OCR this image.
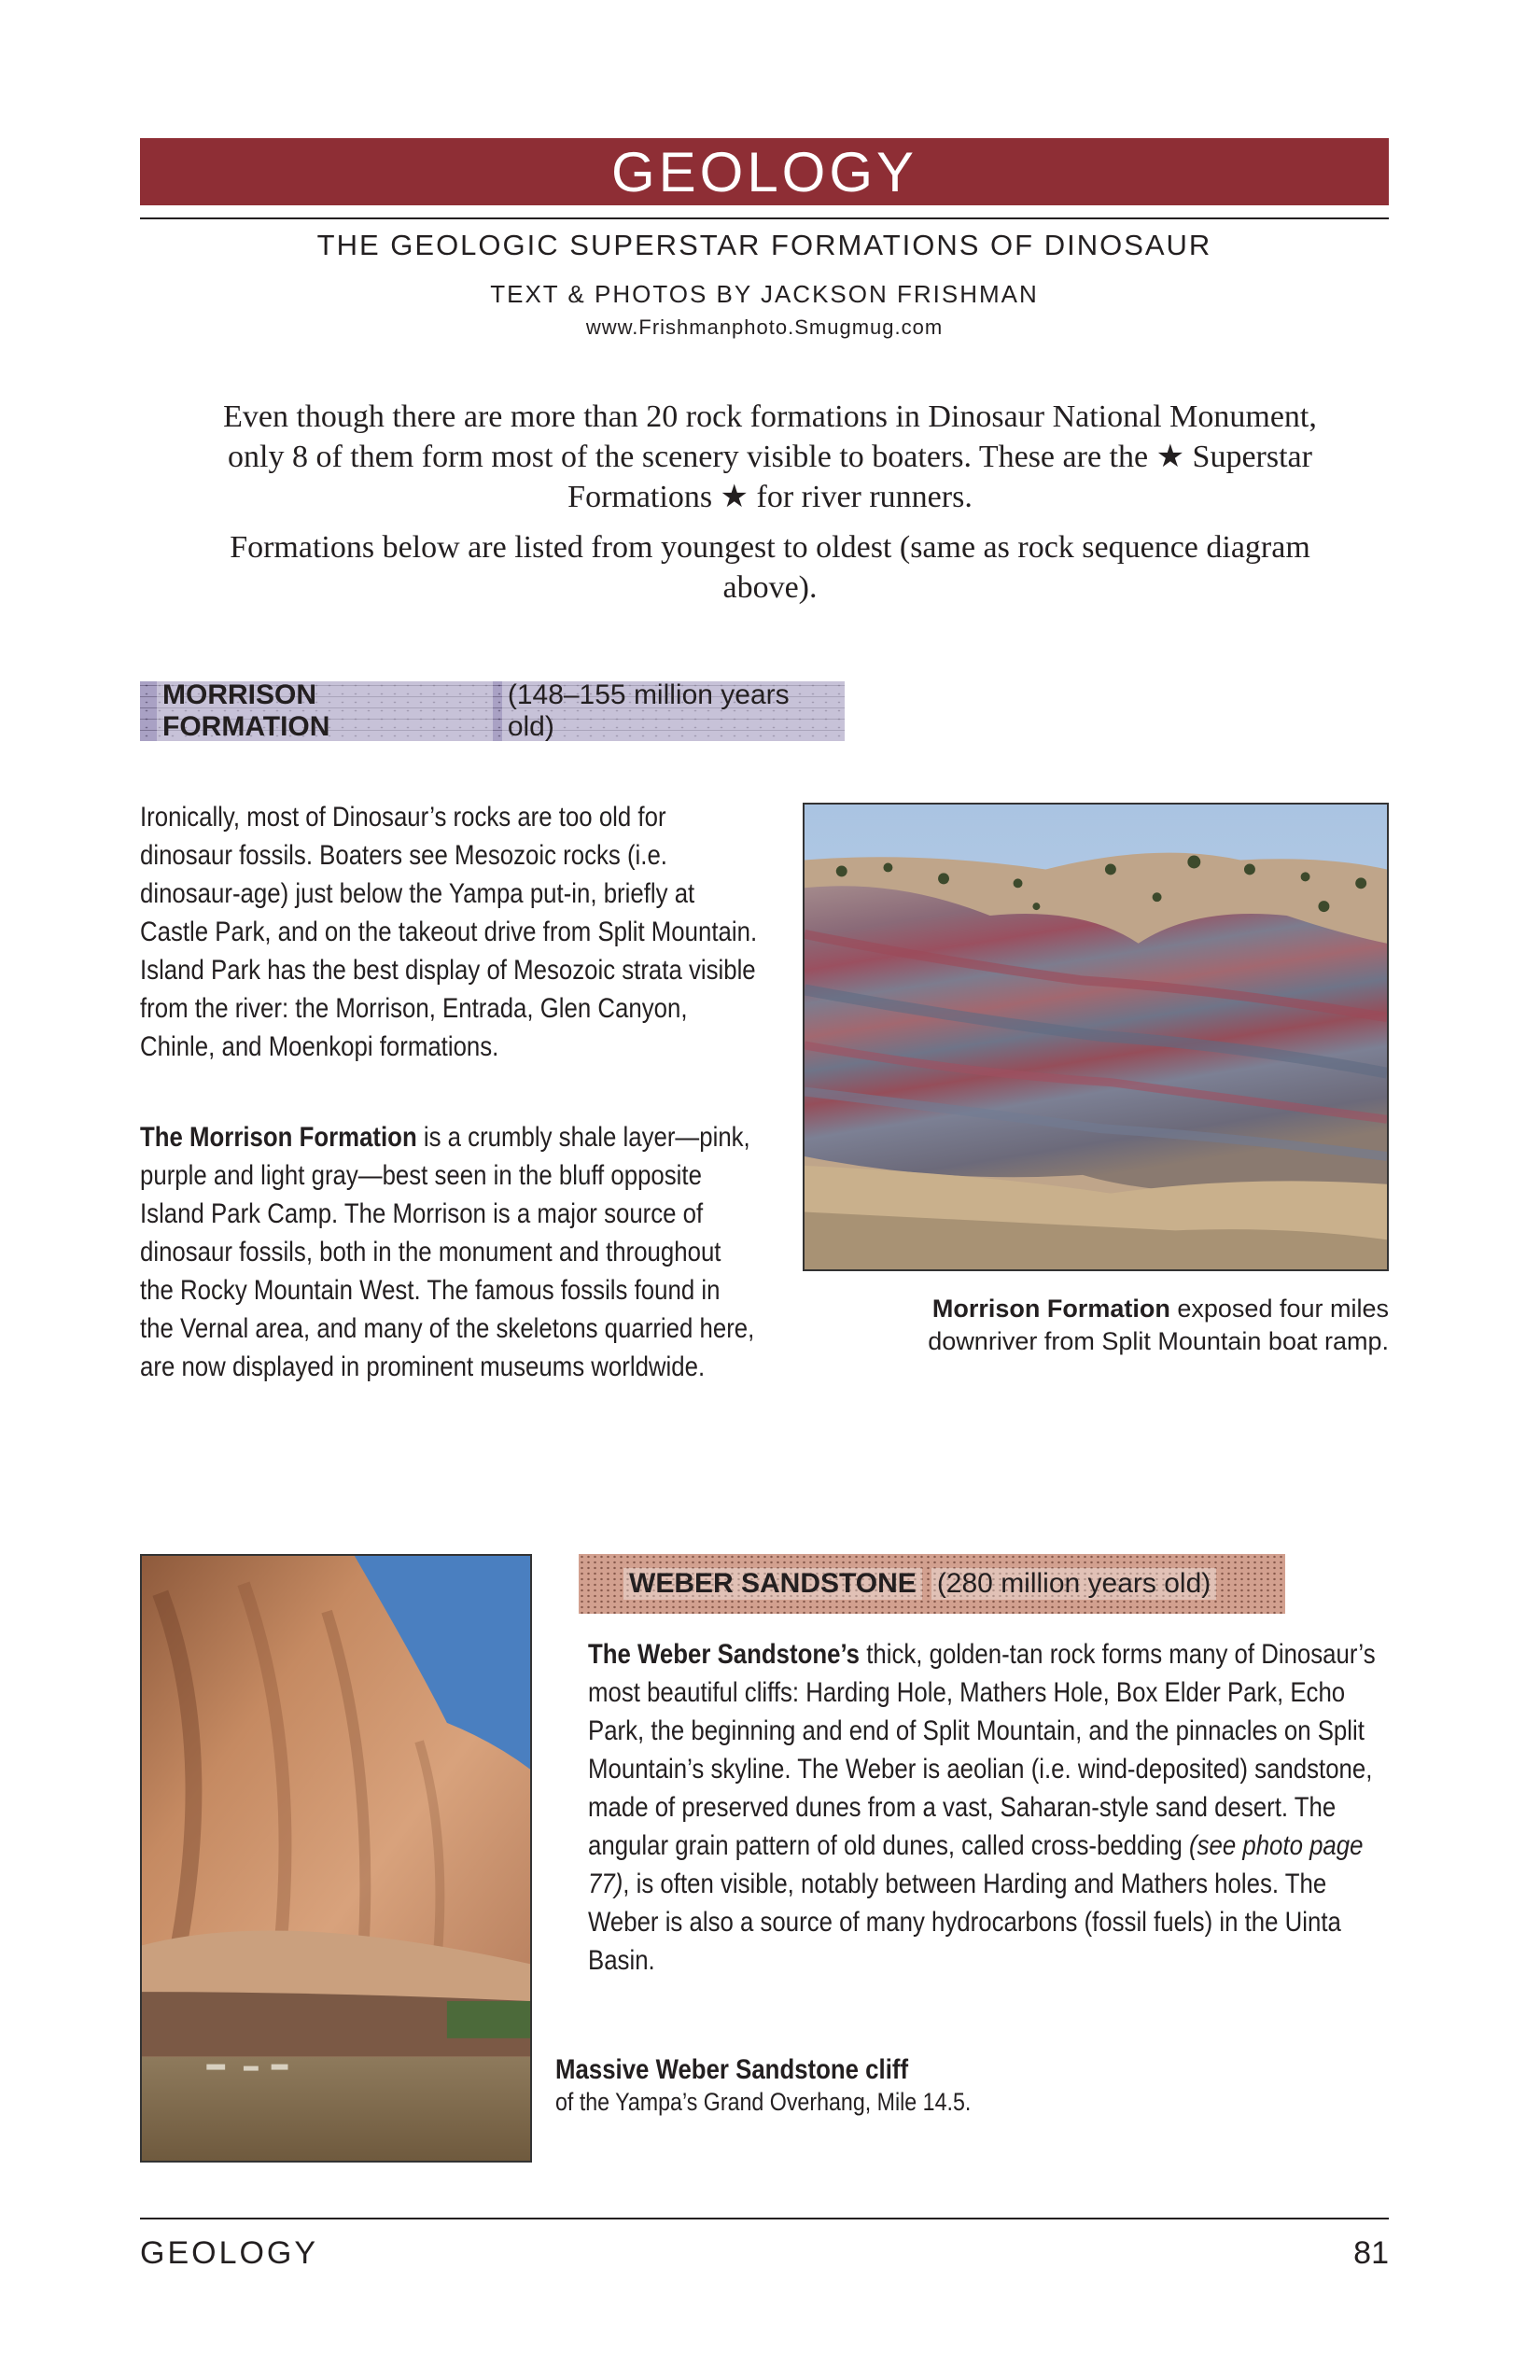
GEOLOGY
THE GEOLOGIC SUPERSTAR FORMATIONS OF DINOSAUR
TEXT & PHOTOS BY JACKSON FRISHMAN
www.Frishmanphoto.Smugmug.com
Even though there are more than 20 rock formations in Dinosaur National Monument, only 8 of them form most of the scenery visible to boaters. These are the ★ Superstar Formations ★ for river runners.
Formations below are listed from youngest to oldest (same as rock sequence diagram above).
MORRISON FORMATION
(148–155 million years old)
Ironically, most of Dinosaur’s rocks are too old for dinosaur fossils. Boaters see Mesozoic rocks (i.e. dinosaur-age) just below the Yampa put-in, briefly at Castle Park, and on the takeout drive from Split Mountain. Island Park has the best display of Mesozoic strata visible from the river: the Morrison, Entrada, Glen Canyon, Chinle, and Moenkopi formations.
The Morrison Formation is a crumbly shale layer—pink, purple and light gray—best seen in the bluff opposite Island Park Camp. The Morrison is a major source of dinosaur fossils, both in the monument and throughout the Rocky Mountain West. The famous fossils found in the Vernal area, and many of the skeletons quarried here, are now displayed in prominent museums worldwide.
Morrison Formation exposed four miles downriver from Split Mountain boat ramp.
WEBER SANDSTONE (280 million years old)
The Weber Sandstone’s thick, golden-tan rock forms many of Dinosaur’s most beautiful cliffs: Harding Hole, Mathers Hole, Box Elder Park, Echo Park, the beginning and end of Split Mountain, and the pinnacles on Split Mountain’s skyline. The Weber is aeolian (i.e. wind-deposited) sandstone, made of preserved dunes from a vast, Saharan-style sand desert. The angular grain pattern of old dunes, called cross-bedding (see photo page 77), is often visible, notably between Harding and Mathers holes. The Weber is also a source of many hydrocarbons (fossil fuels) in the Uinta Basin.
Massive Weber Sandstone cliff
of the Yampa’s Grand Overhang, Mile 14.5.
GEOLOGY	81
